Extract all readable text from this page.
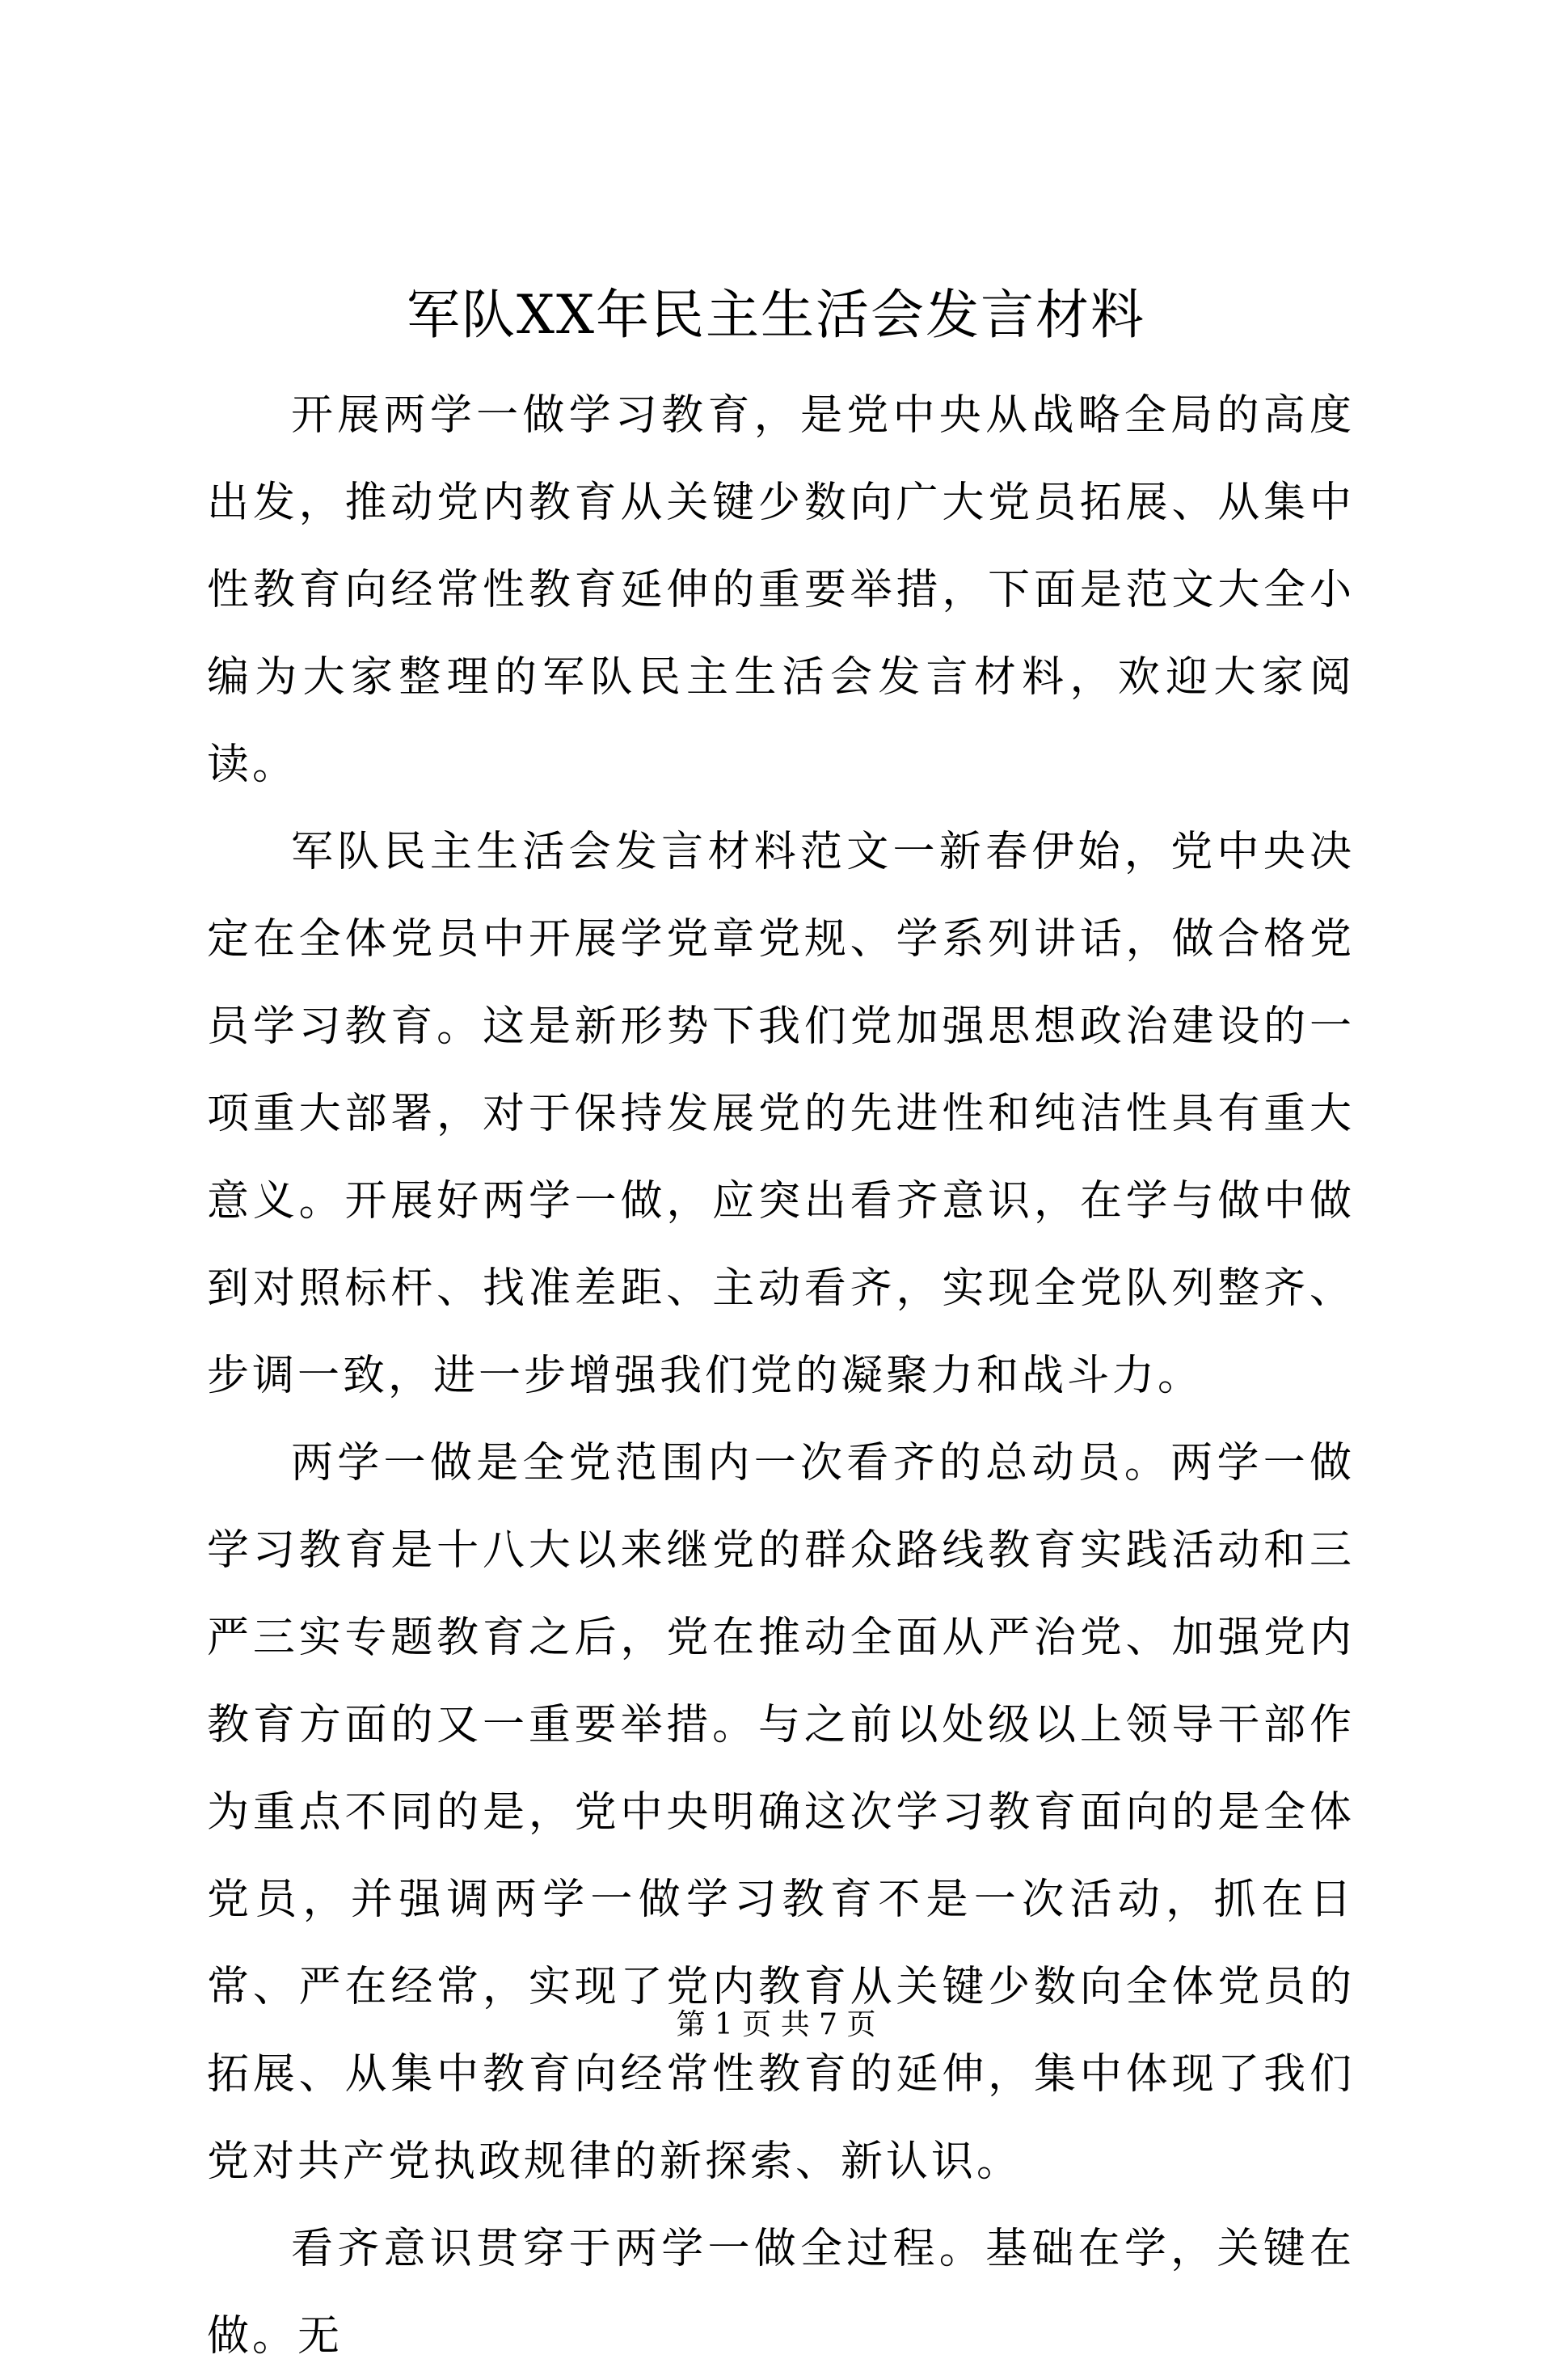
军队XX年民主生活会发言材料

开展两学一做学习教育，是党中央从战略全局的高度出发，推动党内教育从关键少数向广大党员拓展、从集中性教育向经常性教育延伸的重要举措，下面是范文大全小编为大家整理的军队民主生活会发言材料，欢迎大家阅读。

军队民主生活会发言材料范文一新春伊始，党中央决定在全体党员中开展学党章党规、学系列讲话，做合格党员学习教育。这是新形势下我们党加强思想政治建设的一项重大部署，对于保持发展党的先进性和纯洁性具有重大意义。开展好两学一做，应突出看齐意识，在学与做中做到对照标杆、找准差距、主动看齐，实现全党队列整齐、步调一致，进一步增强我们党的凝聚力和战斗力。

两学一做是全党范围内一次看齐的总动员。两学一做学习教育是十八大以来继党的群众路线教育实践活动和三严三实专题教育之后，党在推动全面从严治党、加强党内教育方面的又一重要举措。与之前以处级以上领导干部作为重点不同的是，党中央明确这次学习教育面向的是全体党员，并强调两学一做学习教育不是一次活动，抓在日常、严在经常，实现了党内教育从关键少数向全体党员的拓展、从集中教育向经常性教育的延伸，集中体现了我们党对共产党执政规律的新探索、新认识。

看齐意识贯穿于两学一做全过程。基础在学，关键在做。无

第 1 页 共 7 页
